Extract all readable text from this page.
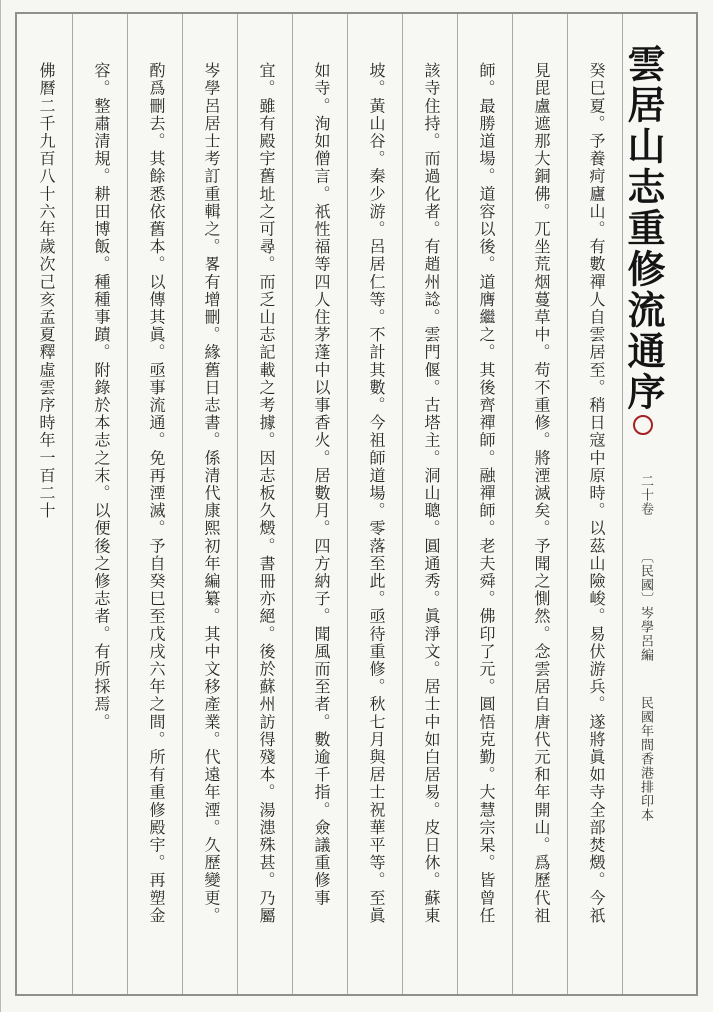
雲居山志重修流通序
二十卷 〔民國〕岑學呂編 民國年間香港排印本
癸巳夏。予養疴廬山。有數禪人自雲居至。稍日寇中原時。以茲山險峻。易伏游兵。遂將眞如寺全部焚燬。今祇
見毘盧遮那大銅佛。兀坐荒烟蔓草中。苟不重修。將湮滅矣。予聞之惻然。念雲居自唐代元和年開山。爲歷代祖
師。最勝道場。道容以後。道膺繼之。其後齊禪師。融禪師。老夫舜。佛印了元。圓悟克勤。大慧宗杲。皆曾任
該寺住持。而過化者。有趙州諗。雲門偃。古塔主。洞山聰。圓通秀。眞淨文。居士中如白居易。皮日休。蘇東
坡。黃山谷。秦少游。呂居仁等。不計其數。今祖師道場。零落至此。亟待重修。秋七月與居士祝華平等。至眞
如寺。洵如僧言。祇性福等四人住茅蓬中以事香火。居數月。四方納子。聞風而至者。數逾千指。僉議重修事
宜。雖有殿宇舊址之可尋。而乏山志記載之考據。因志板久燬。書冊亦絕。後於蘇州訪得殘本。湯漶殊甚。乃屬
岑學呂居士考訂重輯之。畧有增刪。緣舊日志書。係清代康熙初年編纂。其中文移產業。代遠年湮。久歷變更。
酌爲刪去。其餘悉依舊本。以傳其眞。亟事流通。免再湮滅。予自癸巳至戊戌六年之間。所有重修殿宇。再塑金
容。整肅清規。耕田博飯。種種事蹟。附錄於本志之末。以便後之修志者。有所採焉。
佛曆二千九百八十六年歲次己亥孟夏釋虛雲序時年一百二十
